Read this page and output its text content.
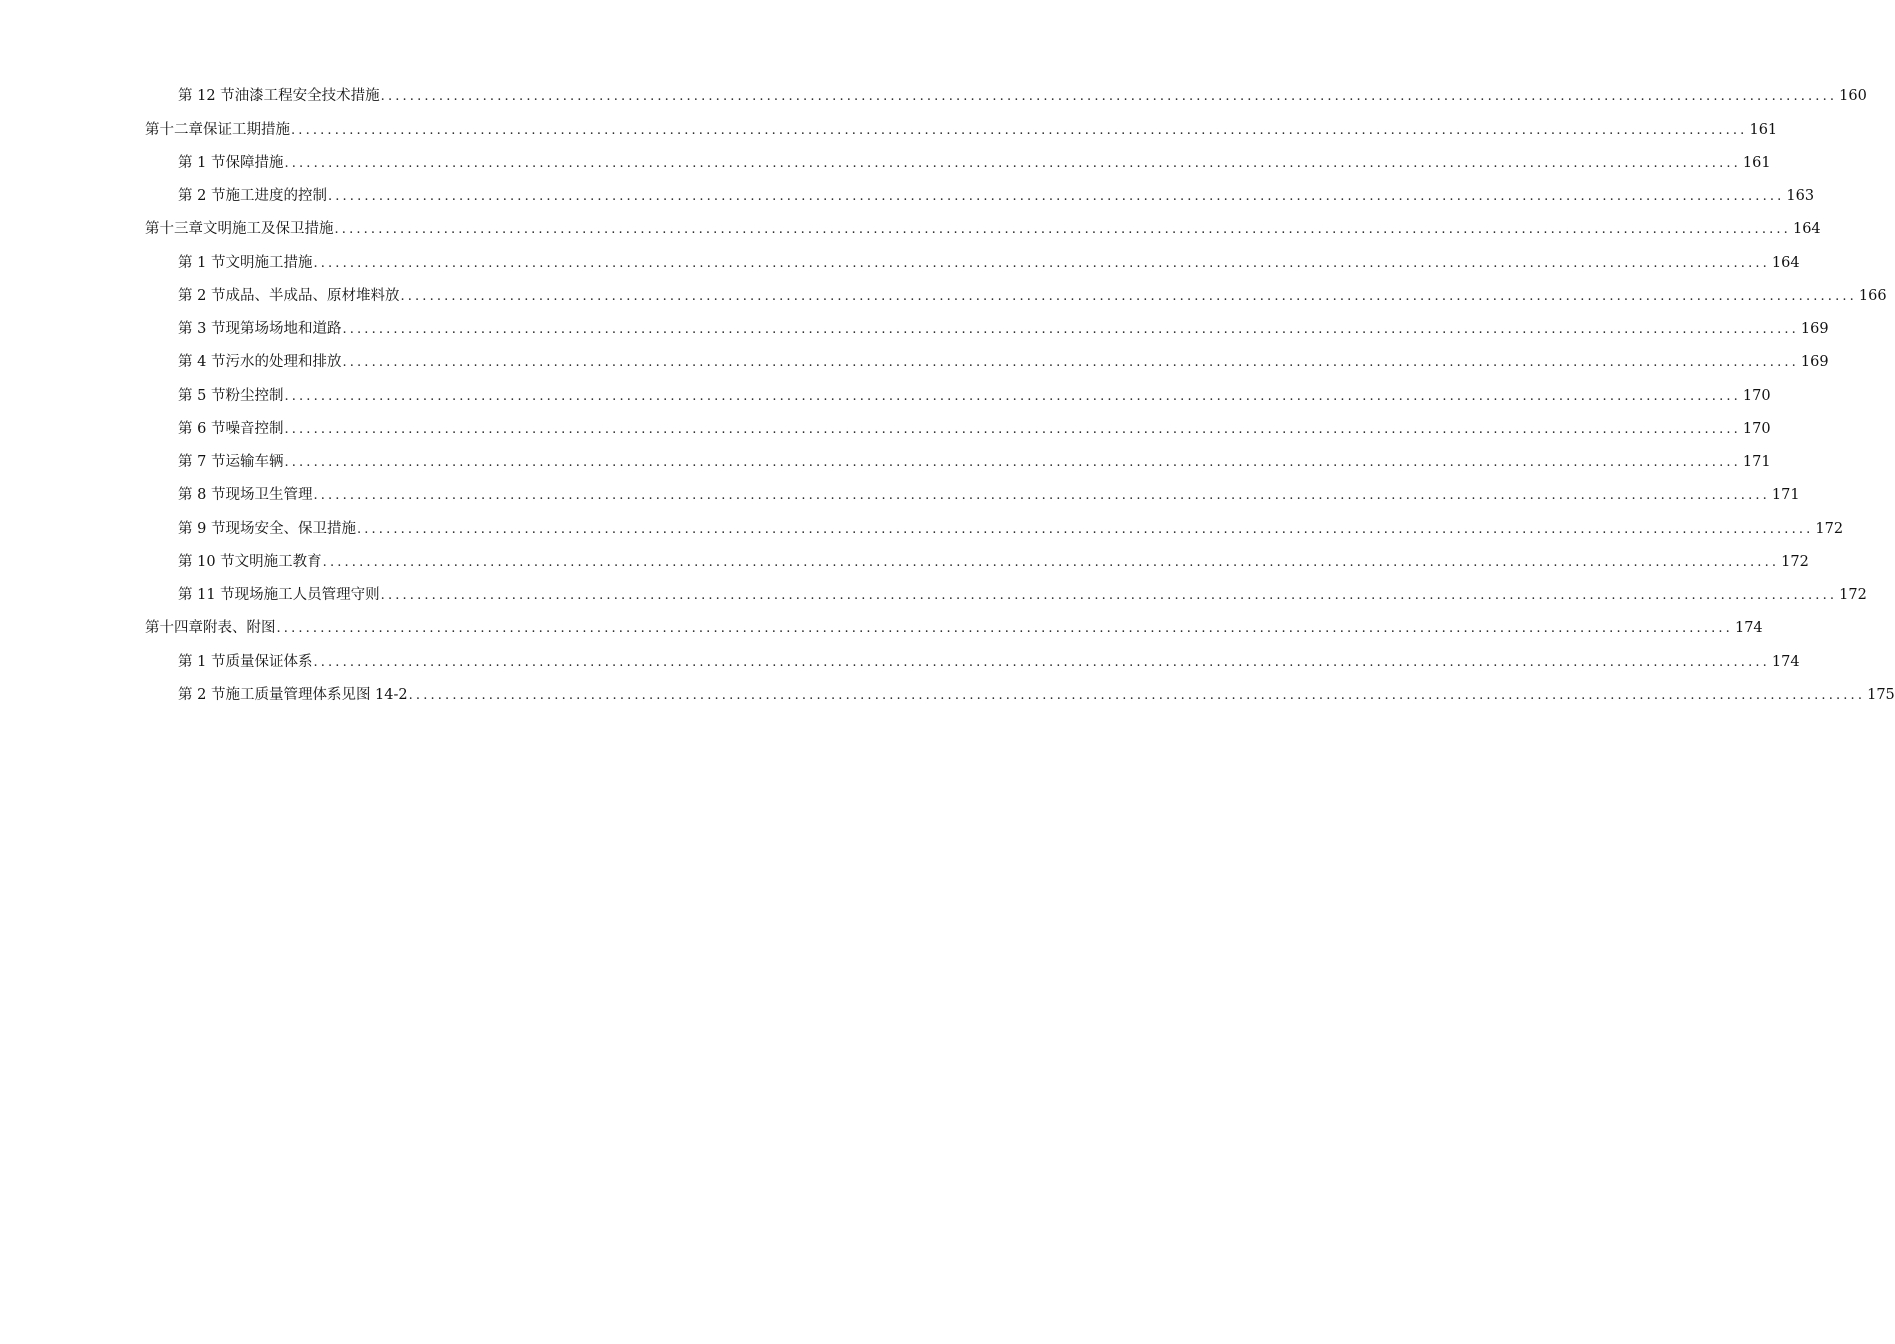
第 12 节 油漆工程安全技术措施 ........................................................................................................................................................................................................ 160
第十二章 保证工期措施 ........................................................................................................................................................................................................ 161
第 1 节 保障措施 ........................................................................................................................................................................................................ 161
第 2 节 施工进度的控制 ........................................................................................................................................................................................................ 163
第十三章 文明施工及保卫措施 ........................................................................................................................................................................................................ 164
第 1 节 文明施工措施 ........................................................................................................................................................................................................ 164
第 2 节 成品、半成品、原材堆料放 ........................................................................................................................................................................................................ 166
第 3 节 现第场场地和道路 ........................................................................................................................................................................................................ 169
第 4 节 污水的处理和排放 ........................................................................................................................................................................................................ 169
第 5 节 粉尘控制 ........................................................................................................................................................................................................ 170
第 6 节 噪音控制 ........................................................................................................................................................................................................ 170
第 7 节 运输车辆 ........................................................................................................................................................................................................ 171
第 8 节 现场卫生管理 ........................................................................................................................................................................................................ 171
第 9 节 现场安全、保卫措施 ........................................................................................................................................................................................................ 172
第 10 节 文明施工教育 ........................................................................................................................................................................................................ 172
第 11 节 现场施工人员管理守则 ........................................................................................................................................................................................................ 172
第十四章 附表、附图 ........................................................................................................................................................................................................ 174
第 1 节 质量保证体系 ........................................................................................................................................................................................................ 174
第 2 节 施工质量管理体系见图 14-2 ........................................................................................................................................................................................................ 175
